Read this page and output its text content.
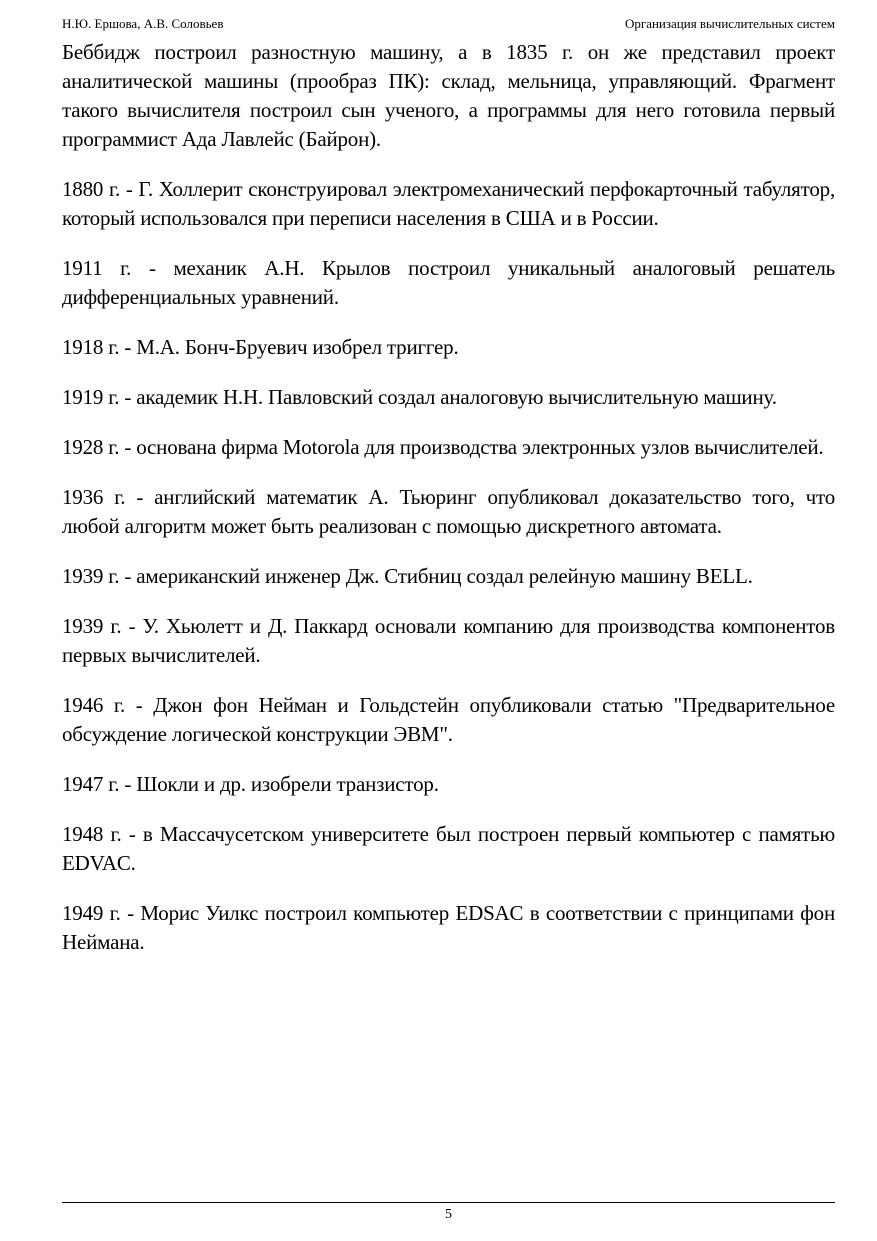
Н.Ю. Ершова, А.В. Соловьев	Организация вычислительных систем

Беббидж построил разностную машину, а в 1835 г. он же представил проект аналитической машины (прообраз ПК): склад, мельница, управляющий. Фрагмент такого вычислителя построил сын ученого, а программы для него готовила первый программист Ада Лавлейс (Байрон).

1880 г. - Г. Холлерит сконструировал электромеханический перфокарточный табулятор, который использовался при переписи населения в США и в России.

1911 г. - механик А.Н. Крылов построил уникальный аналоговый решатель дифференциальных уравнений.

1918 г. - М.А. Бонч-Бруевич изобрел триггер.

1919 г. - академик Н.Н. Павловский создал аналоговую вычислительную машину.

1928 г. - основана фирма Motorola для производства электронных узлов вычислителей.

1936 г. - английский математик А. Тьюринг опубликовал доказательство того, что любой алгоритм может быть реализован с помощью дискретного автомата.

1939 г. - американский инженер Дж. Стибниц создал релейную машину BELL.

1939 г. - У. Хьюлетт и Д. Паккард основали компанию для производства компонентов первых вычислителей.

1946 г. - Джон фон Нейман и Гольдстейн опубликовали статью "Предварительное обсуждение логической конструкции ЭВМ".

1947 г. - Шокли и др. изобрели транзистор.

1948 г. - в Массачусетском университете был построен первый компьютер с памятью EDVAC.

1949 г. - Морис Уилкс построил компьютер EDSAC в соответствии с принципами фон Неймана.

5
